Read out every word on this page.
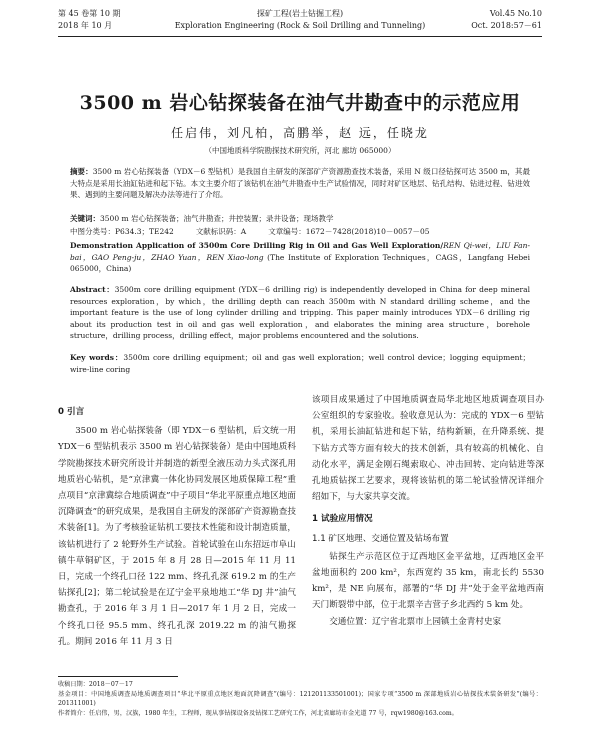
第 45 卷第 10 期
2018 年 10 月
探矿工程(岩土钻掘工程)
Exploration Engineering (Rock & Soil Drilling and Tunneling)
Vol.45 No.10
Oct. 2018:57－61
3500 m 岩心钻探装备在油气井勘查中的示范应用
任启伟，刘凡柏，高鹏举，赵 远，任晓龙
（中国地质科学院勘探技术研究所，河北 廊坊 065000）
摘要：3500 m 岩心钻探装备（YDX－6 型钻机）是我国自主研发的深部矿产资源勘查技术装备，采用 N 级口径钻探可达 3500 m，其最大特点是采用长油缸钻进和起下钻。本文主要介绍了该钻机在油气井勘查中生产试验情况，同时对矿区地层、钻孔结构、钻进过程、钻进效果、遇到的主要问题及解决办法等进行了介绍。
关键词：3500 m 岩心钻探装备；油气井勘查；井控装置；录井设备；现场教学
中图分类号：P634.3；TE242	文献标识码：A	文章编号：1672－7428(2018)10－0057－05
Demonstration Application of 3500m Core Drilling Rig in Oil and Gas Well Exploration/REN Qi-wei，LIU Fan-bai，GAO Peng-ju，ZHAO Yuan，REN Xiao-long (The Institute of Exploration Techniques，CAGS，Langfang Hebei 065000，China)
Abstract：3500m core drilling equipment (YDX－6 drilling rig) is independently developed in China for deep mineral resources exploration，by which，the drilling depth can reach 3500m with N standard drilling scheme，and the important feature is the use of long cylinder drilling and tripping. This paper mainly introduces YDX－6 drilling rig about its production test in oil and gas well exploration，and elaborates the mining area structure，borehole structure，drilling process，drilling effect，major problems encountered and the solutions.
Key words：3500m core drilling equipment；oil and gas well exploration；well control device；logging equipment；wire-line coring
0 引言

3500 m 岩心钻探装备（即 YDX－6 型钻机，后文统一用 YDX－6 型钻机表示 3500 m 岩心钻探装备）是由中国地质科学院勘探技术研究所设计并制造的新型全液压动力头式深孔用地质岩心钻机，是“京津冀一体化协同发展区地质保障工程”重点项目“京津冀综合地质调查”中子项目“华北平原重点地区地面沉降调查”的研究成果，是我国自主研发的深部矿产资源勘查技术装备[1]。为了考核验证钻机工要技术性能和设计制造质量，该钻机进行了 2 轮野外生产试验。首轮试验在山东招远市阜山镇牛草铜矿区，于 2015 年 8 月 28 日—2015 年 11 月 11 日，完成一个终孔口径 122 mm、终孔孔深 619.2 m 的生产钻探孔[2]；第二轮试验是在辽宁金平泉地地工“华 DJ 井”油气勘查孔，于 2016 年 3 月 1 日—2017 年 1 月 2 日，完成一个终孔口径 95.5 mm、终孔孔深 2019.22 m 的油气勘探孔。期间 2016 年 11 月 3 日

该项目成果通过了中国地质调查局华北地区地质调查项目办公室组织的专家验收。验收意见认为：完成的 YDX－6 型钻机，采用长油缸钻进和起下钻，结构新颖，在升降系统、提下钻方式等方面有较大的技术创新，具有较高的机械化、自动化水平，满足金刚石绳索取心、冲击回转、定向钻进等深孔地质钻探工艺要求，现将该钻机的第二轮试验情况详细介绍如下，与大家共享交流。

1 试验应用情况
1.1 矿区地理、交通位置及钻场布置

钻探生产示范区位于辽西地区金平盆地，辽西地区金平盆地面积约 200 km²，东西宽约 35 km，南北长约 5530 km²，是 NE 向展布，部署的“华 DJ 井”处于金平盆地西南天门断裂带中部，位于北票辛吉营子乡北西约 5 km 处。

交通位置：辽宁省北票市上园镇土金青村史家

收稿日期：2018－07－17
基金项目：中国地质调查局地质调查项目“华北平原重点地区地面沉降调查”(编号：121201133501001)；国家专项“3500 m 深部地质岩心钻探技术装备研发”(编号：201311001)
作者简介：任启伟，男，汉族，1980 年生，工程师，现从事钻探设备及钻探工艺研究工作，河北省廊坊市金光道 77 号，rqw1980@163.com。
